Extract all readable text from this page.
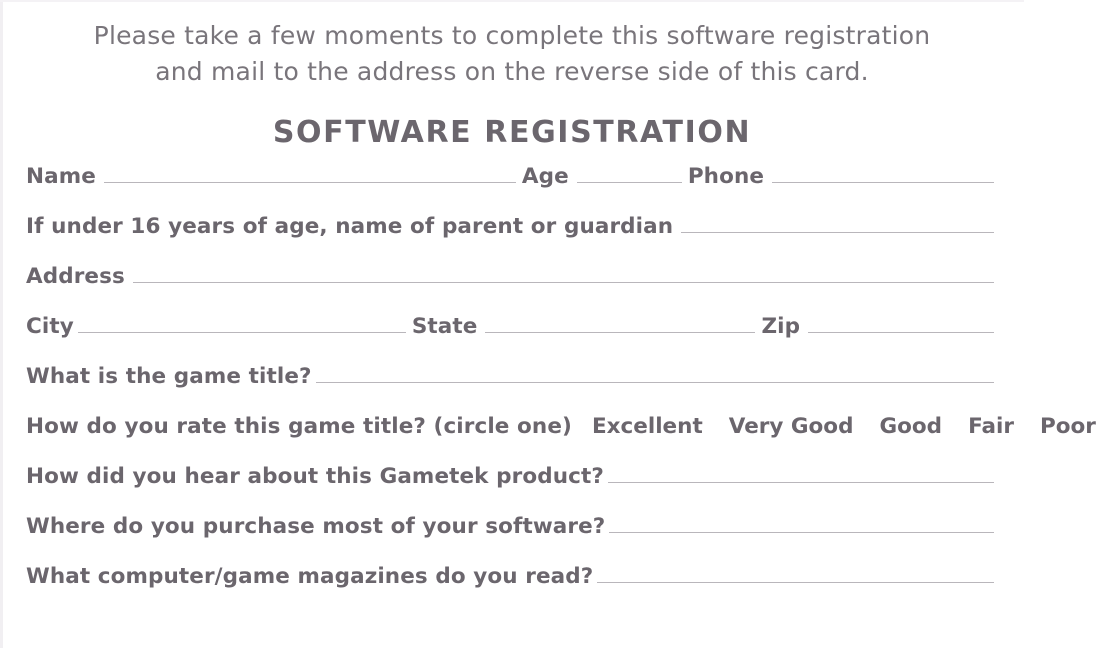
Please take a few moments to complete this software registration
and mail to the address on the reverse side of this card.
SOFTWARE REGISTRATION
Name	Age	Phone
If under 16 years of age, name of parent or guardian
Address
City	State	Zip
What is the game title?
How do you rate this game title? (circle one) Excellent Very Good Good Fair Poor
How did you hear about this Gametek product?
Where do you purchase most of your software?
What computer/game magazines do you read?
